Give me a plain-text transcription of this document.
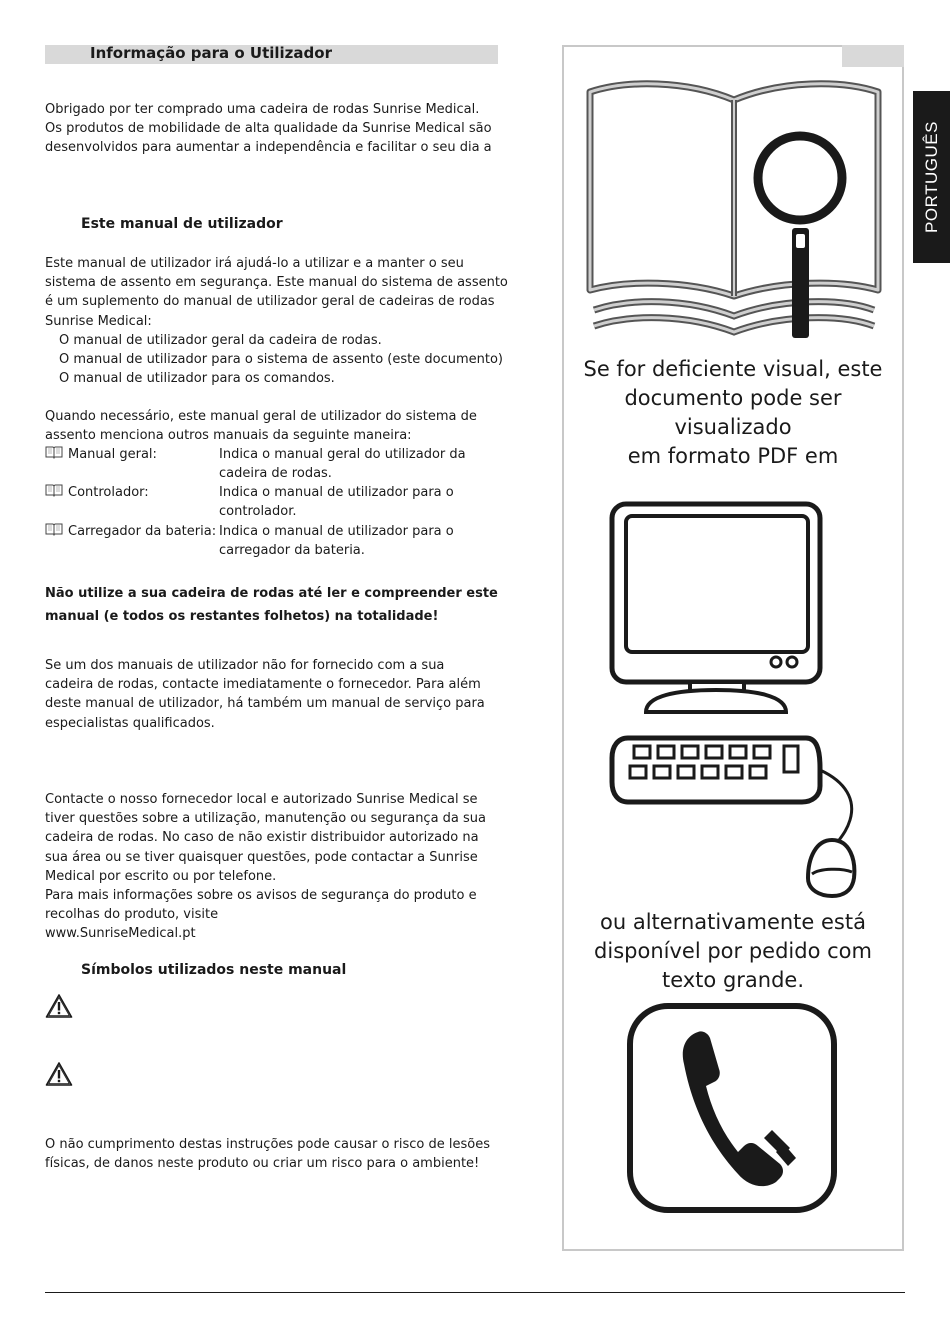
Informação para o Utilizador
Obrigado por ter comprado uma cadeira de rodas Sunrise Medical.
Os produtos de mobilidade de alta qualidade da Sunrise Medical são
desenvolvidos para aumentar a independência e facilitar o seu dia a
Este manual de utilizador
Este manual de utilizador irá ajudá-lo a utilizar e a manter o seu
sistema de assento em segurança. Este manual do sistema de assento
é um suplemento do manual de utilizador geral de cadeiras de rodas
Sunrise Medical:
O manual de utilizador geral da cadeira de rodas.
O manual de utilizador para o sistema de assento (este documento)
O manual de utilizador para os comandos.
Quando necessário, este manual geral de utilizador do sistema de
assento menciona outros manuais da seguinte maneira:
Manual geral:	Indica o manual geral do utilizador da
cadeira de rodas.
Controlador:	Indica o manual de utilizador para o
controlador.
Carregador da bateria: Indica o manual de utilizador para o
carregador da bateria.
Não utilize a sua cadeira de rodas até ler e compreender este
manual (e todos os restantes folhetos) na totalidade!
Se um dos manuais de utilizador não for fornecido com a sua
cadeira de rodas, contacte imediatamente o fornecedor. Para além
deste manual de utilizador, há também um manual de serviço para
especialistas qualificados.
Contacte o nosso fornecedor local e autorizado Sunrise Medical se
tiver questões sobre a utilização, manutenção ou segurança da sua
cadeira de rodas. No caso de não existir distribuidor autorizado na
sua área ou se tiver quaisquer questões, pode contactar a Sunrise
Medical por escrito ou por telefone.
Para mais informações sobre os avisos de segurança do produto e
recolhas do produto, visite
www.SunriseMedical.pt
Símbolos utilizados neste manual
O não cumprimento destas instruções pode causar o risco de lesões
físicas, de danos neste produto ou criar um risco para o ambiente!
Se for deficiente visual, este
documento pode ser visualizado
em formato PDF em
ou alternativamente está
disponível por pedido com
texto grande.
PORTUGUÊS
